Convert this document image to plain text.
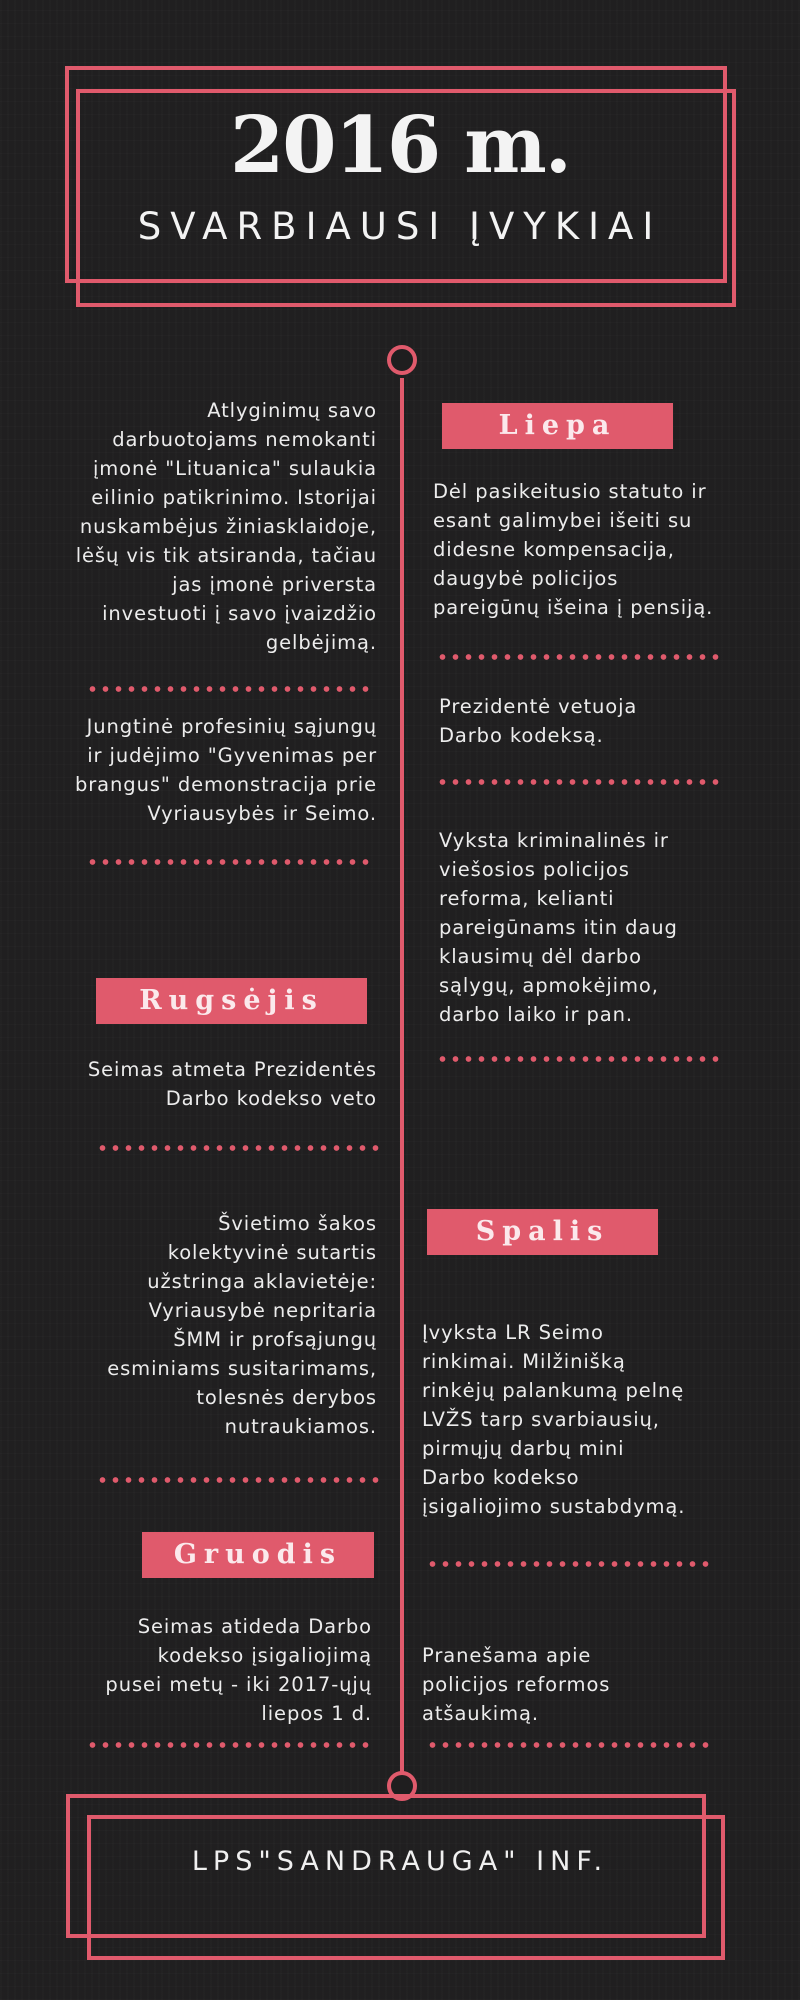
2016 m.
SVARBIAUSI ĮVYKIAI
Liepa
Rugsėjis
Spalis
Gruodis
Atlyginimų savo
darbuotojams nemokanti
įmonė "Lituanica" sulaukia
eilinio patikrinimo. Istorijai
nuskambėjus žiniasklaidoje,
lėšų vis tik atsiranda, tačiau
jas įmonė priversta
investuoti į savo įvaizdžio
gelbėjimą.
Jungtinė profesinių sąjungų
ir judėjimo "Gyvenimas per
brangus" demonstracija prie
Vyriausybės ir Seimo.
Seimas atmeta Prezidentės
Darbo kodekso veto
Švietimo šakos
kolektyvinė sutartis
užstringa aklavietėje:
Vyriausybė nepritaria
ŠMM ir profsąjungų
esminiams susitarimams,
tolesnės derybos
nutraukiamos.
Seimas atideda Darbo
kodekso įsigaliojimą
pusei metų - iki 2017-ųjų
liepos 1 d.
Dėl pasikeitusio statuto ir
esant galimybei išeiti su
didesne kompensacija,
daugybė policijos
pareigūnų išeina į pensiją.
Prezidentė vetuoja
Darbo kodeksą.
Vyksta kriminalinės ir
viešosios policijos
reforma, kelianti
pareigūnams itin daug
klausimų dėl darbo
sąlygų, apmokėjimo,
darbo laiko ir pan.
Įvyksta LR Seimo
rinkimai. Milžinišką
rinkėjų palankumą pelnę
LVŽS tarp svarbiausių,
pirmųjų darbų mini
Darbo kodekso
įsigaliojimo sustabdymą.
Pranešama apie
policijos reformos
atšaukimą.
LPS"SANDRAUGA" INF.
